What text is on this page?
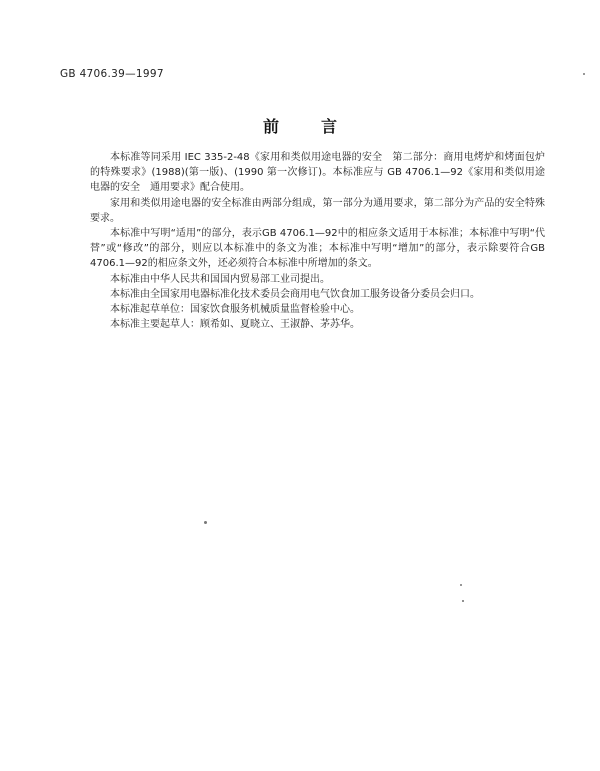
GB 4706.39—1997
前言

本标准等同采用 IEC 335-2-48《家用和类似用途电器的安全　第二部分：商用电烤炉和烤面包炉的特殊要求》(1988)(第一版)、(1990 第一次修订)。本标准应与 GB 4706.1—92《家用和类似用途电器的安全　通用要求》配合使用。

家用和类似用途电器的安全标准由两部分组成，第一部分为通用要求，第二部分为产品的安全特殊要求。

本标准中写明“适用”的部分，表示GB 4706.1—92中的相应条文适用于本标准；本标准中写明“代替”或“修改”的部分，则应以本标准中的条文为准；本标准中写明“增加”的部分，表示除要符合GB 4706.1—92的相应条文外，还必须符合本标准中所增加的条文。

本标准由中华人民共和国国内贸易部工业司提出。

本标准由全国家用电器标准化技术委员会商用电气饮食加工服务设备分委员会归口。

本标准起草单位：国家饮食服务机械质量监督检验中心。

本标准主要起草人：顾希如、夏晓立、王淑静、茅苏华。
